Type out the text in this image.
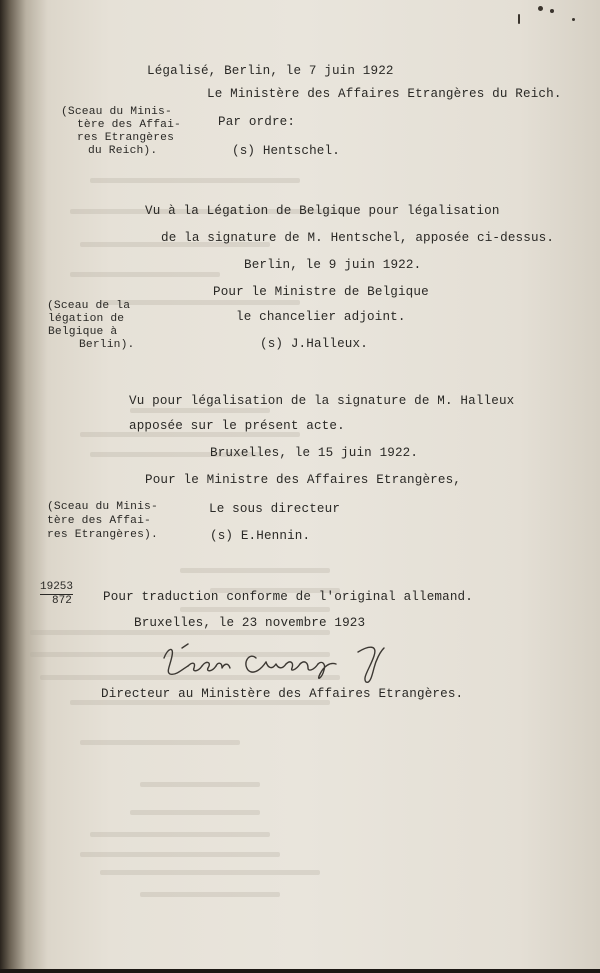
Légalisé, Berlin, le 7 juin 1922
Le Ministère des Affaires Etrangères du Reich.
(Sceau du Minis-
tère des Affai-
res Etrangères
du Reich).
Par ordre:
(s) Hentschel.
Vu à la Légation de Belgique pour légalisation
de la signature de M. Hentschel, apposée ci-dessus.
Berlin, le 9 juin 1922.
Pour le Ministre de Belgique
(Sceau de la
légation de
Belgique à
Berlin).
le chancelier adjoint.
(s) J.Halleux.
Vu pour légalisation de la signature de M. Halleux
apposée sur le présent acte.
Bruxelles, le 15 juin 1922.
Pour le Ministre des Affaires Etrangères,
(Sceau du Minis-
tère des Affai-
res Etrangères).
Le sous directeur
(s) E.Hennin.
19253
872 Pour traduction conforme de l'original allemand.
Bruxelles, le 23 novembre 1923
Directeur au Ministère des Affaires Etrangères.
